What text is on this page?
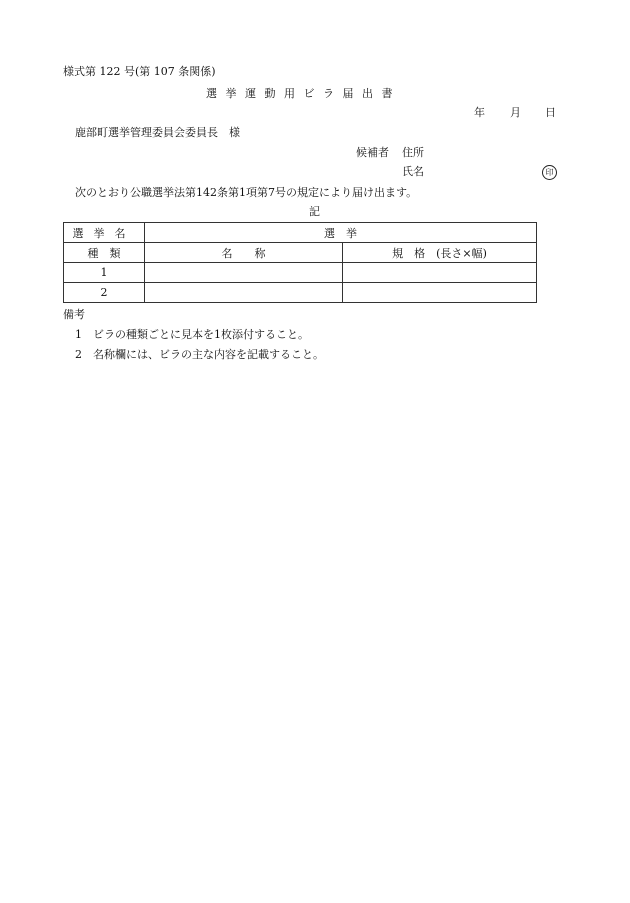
様式第 122 号(第 107 条関係)
選挙運動用ビラ届出書
年 月 日
鹿部町選挙管理委員会委員長　様
候補者 住所
氏名	印
次のとおり公職選挙法第142条第1項第7号の規定により届け出ます。
記
選挙名	選　挙	
種　類	名　　称	規　格　(長さ×幅)
1		
2		
備考
1　ビラの種類ごとに見本を1枚添付すること。
2　名称欄には、ビラの主な内容を記載すること。
